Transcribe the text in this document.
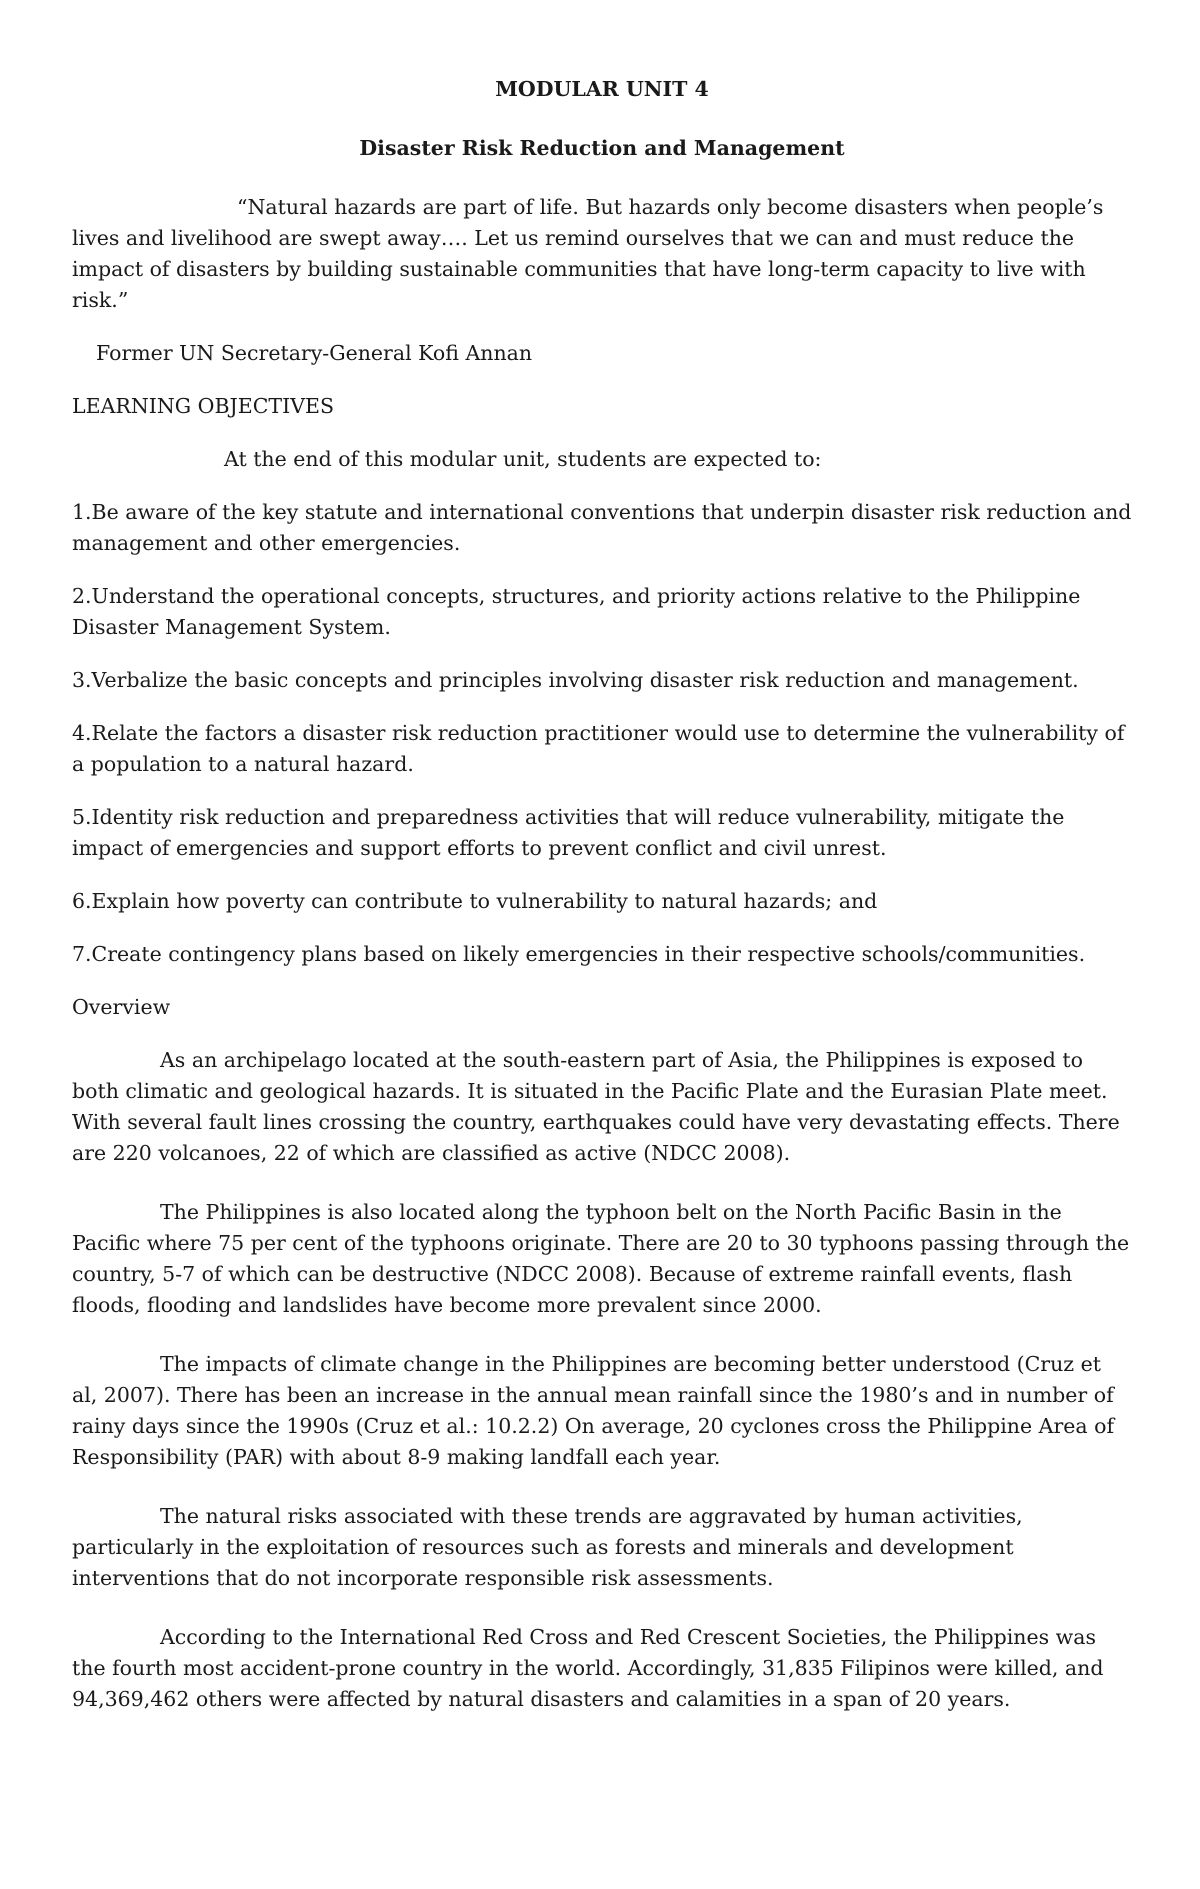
MODULAR UNIT 4
Disaster Risk Reduction and Management

“Natural hazards are part of life. But hazards only become disasters when people’s lives and livelihood are swept away…. Let us remind ourselves that we can and must reduce the impact of disasters by building sustainable communities that have long-term capacity to live with risk.”

Former UN Secretary-General Kofi Annan

LEARNING OBJECTIVES

At the end of this modular unit, students are expected to:

1.Be aware of the key statute and international conventions that underpin disaster risk reduction and management and other emergencies.

2.Understand the operational concepts, structures, and priority actions relative to the Philippine Disaster Management System.

3.Verbalize the basic concepts and principles involving disaster risk reduction and management.

4.Relate the factors a disaster risk reduction practitioner would use to determine the vulnerability of a population to a natural hazard.

5.Identity risk reduction and preparedness activities that will reduce vulnerability, mitigate the impact of emergencies and support efforts to prevent conflict and civil unrest.

6.Explain how poverty can contribute to vulnerability to natural hazards; and

7.Create contingency plans based on likely emergencies in their respective schools/communities.

Overview

As an archipelago located at the south-eastern part of Asia, the Philippines is exposed to both climatic and geological hazards. It is situated in the Pacific Plate and the Eurasian Plate meet. With several fault lines crossing the country, earthquakes could have very devastating effects. There are 220 volcanoes, 22 of which are classified as active (NDCC 2008).

The Philippines is also located along the typhoon belt on the North Pacific Basin in the Pacific where 75 per cent of the typhoons originate. There are 20 to 30 typhoons passing through the country, 5-7 of which can be destructive (NDCC 2008). Because of extreme rainfall events, flash floods, flooding and landslides have become more prevalent since 2000.

The impacts of climate change in the Philippines are becoming better understood (Cruz et al, 2007). There has been an increase in the annual mean rainfall since the 1980’s and in number of rainy days since the 1990s (Cruz et al.: 10.2.2) On average, 20 cyclones cross the Philippine Area of Responsibility (PAR) with about 8-9 making landfall each year.

The natural risks associated with these trends are aggravated by human activities, particularly in the exploitation of resources such as forests and minerals and development interventions that do not incorporate responsible risk assessments.

According to the International Red Cross and Red Crescent Societies, the Philippines was the fourth most accident-prone country in the world. Accordingly, 31,835 Filipinos were killed, and 94,369,462 others were affected by natural disasters and calamities in a span of 20 years.
